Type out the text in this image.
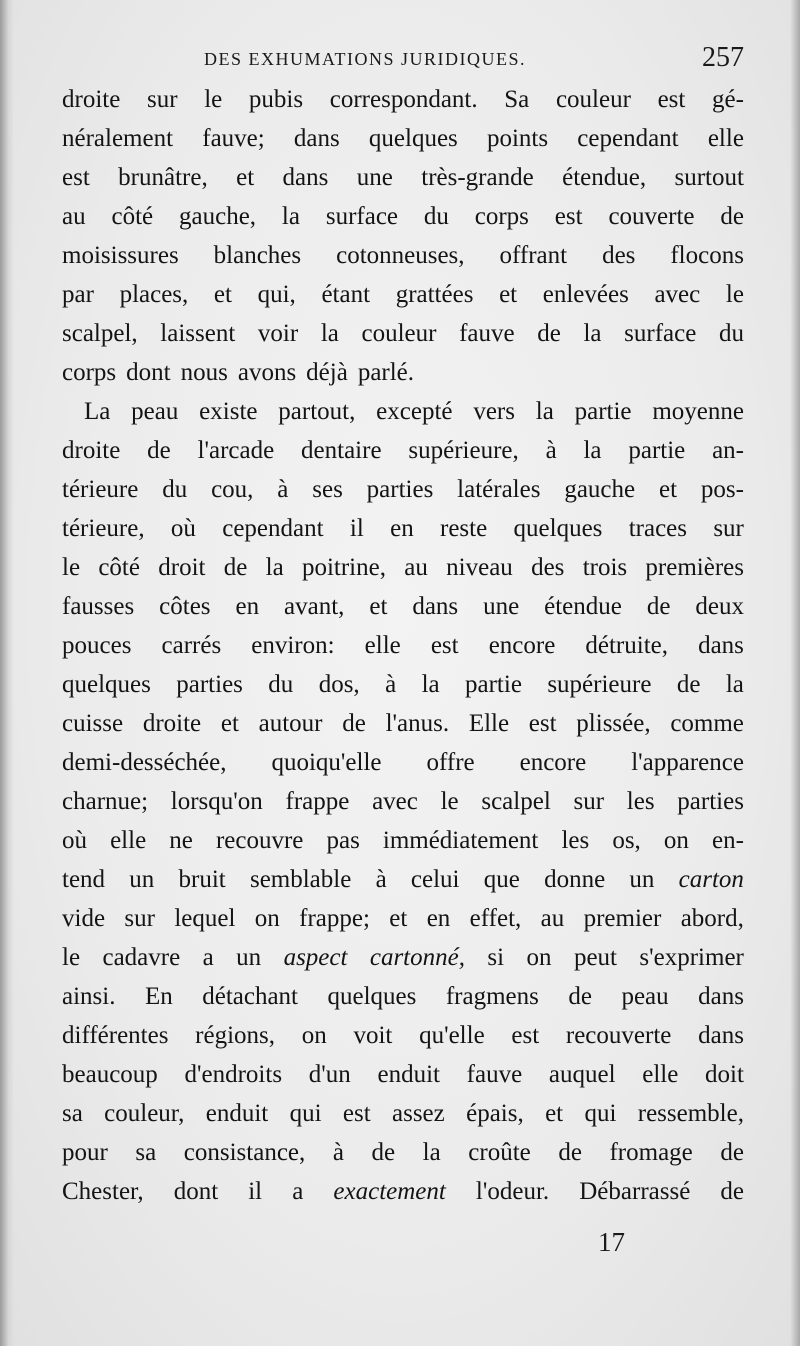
DES EXHUMATIONS JURIDIQUES.	257
droite sur le pubis correspondant. Sa couleur est gé-
néralement fauve; dans quelques points cependant elle
est brunâtre, et dans une très-grande étendue, surtout
au côté gauche, la surface du corps est couverte de
moisissures blanches cotonneuses, offrant des flocons
par places, et qui, étant grattées et enlevées avec le
scalpel, laissent voir la couleur fauve de la surface du
corps dont nous avons déjà parlé.
La peau existe partout, excepté vers la partie moyenne
droite de l'arcade dentaire supérieure, à la partie an-
térieure du cou, à ses parties latérales gauche et pos-
térieure, où cependant il en reste quelques traces sur
le côté droit de la poitrine, au niveau des trois premières
fausses côtes en avant, et dans une étendue de deux
pouces carrés environ: elle est encore détruite, dans
quelques parties du dos, à la partie supérieure de la
cuisse droite et autour de l'anus. Elle est plissée, comme
demi-desséchée, quoiqu'elle offre encore l'apparence
charnue; lorsqu'on frappe avec le scalpel sur les parties
où elle ne recouvre pas immédiatement les os, on en-
tend un bruit semblable à celui que donne un carton
vide sur lequel on frappe; et en effet, au premier abord,
le cadavre a un aspect cartonné, si on peut s'exprimer
ainsi. En détachant quelques fragmens de peau dans
différentes régions, on voit qu'elle est recouverte dans
beaucoup d'endroits d'un enduit fauve auquel elle doit
sa couleur, enduit qui est assez épais, et qui ressemble,
pour sa consistance, à de la croûte de fromage de
Chester, dont il a exactement l'odeur. Débarrassé de
17
